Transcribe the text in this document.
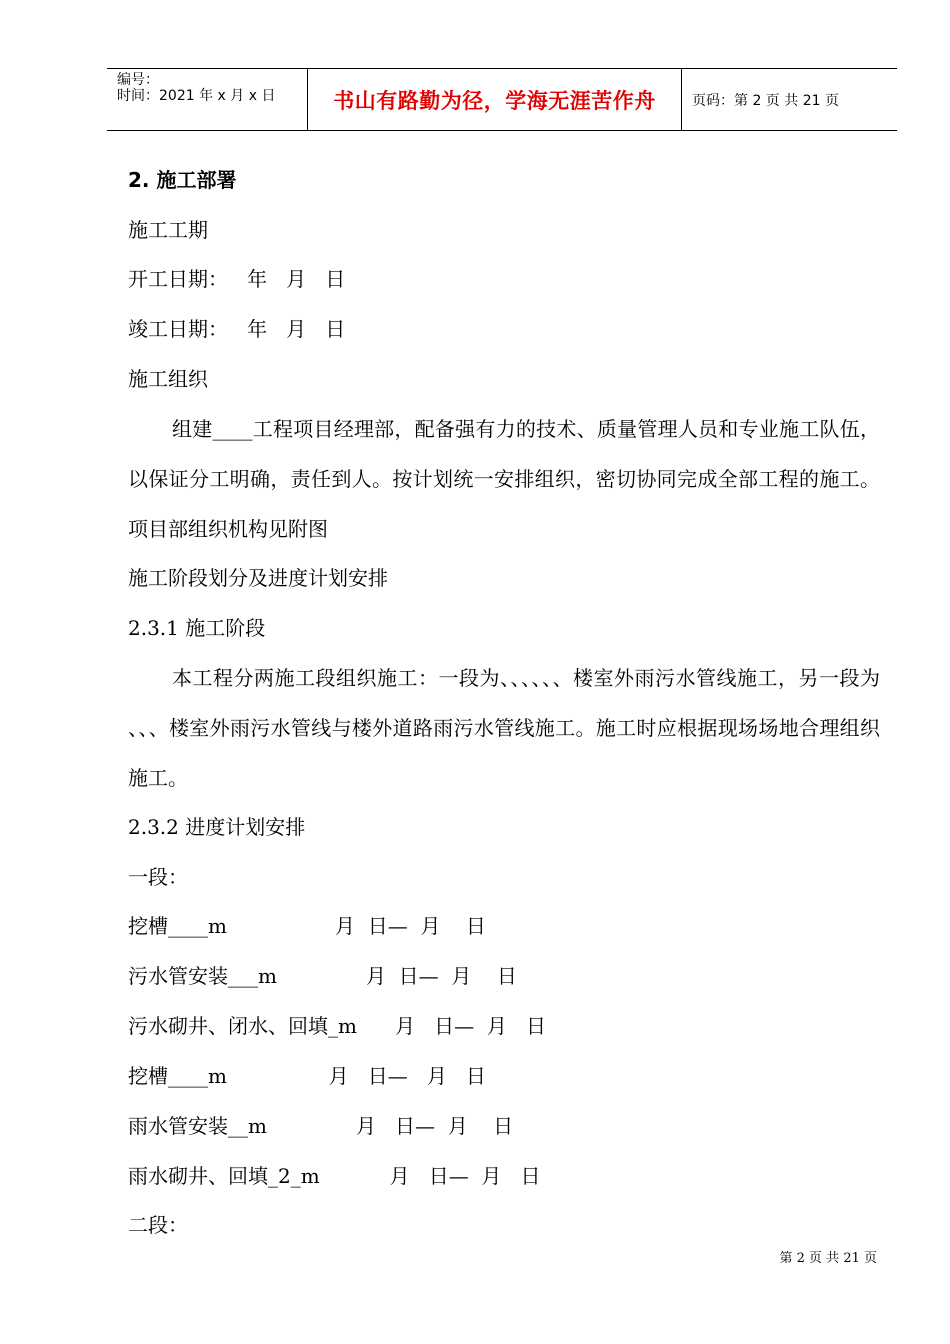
编号：
时间：2021 年 x 月 x 日	书山有路勤为径，学海无涯苦作舟	页码：第 2 页 共 21 页
2. 施工部署
施工工期
开工日期：   年   月   日
竣工日期：   年   月   日
施工组织
组建____工程项目经理部，配备强有力的技术、质量管理人员和专业施工队伍，以保证分工明确，责任到人。按计划统一安排组织，密切协同完成全部工程的施工。项目部组织机构见附图
施工阶段划分及进度计划安排
2.3.1 施工阶段
本工程分两施工段组织施工：一段为、、、、、、楼室外雨污水管线施工，另一段为 、、、楼室外雨污水管线与楼外道路雨污水管线施工。施工时应根据现场场地合理组织施工。
2.3.2 进度计划安排
一段：
挖槽____m                 月  日—  月    日
污水管安装___m              月  日—  月    日
污水砌井、闭水、回填_m      月   日—  月   日
挖槽____m                月   日—   月   日
雨水管安装__m              月   日—  月    日
雨水砌井、回填_2_m           月   日—  月   日
二段：
第 2 页 共 21 页
